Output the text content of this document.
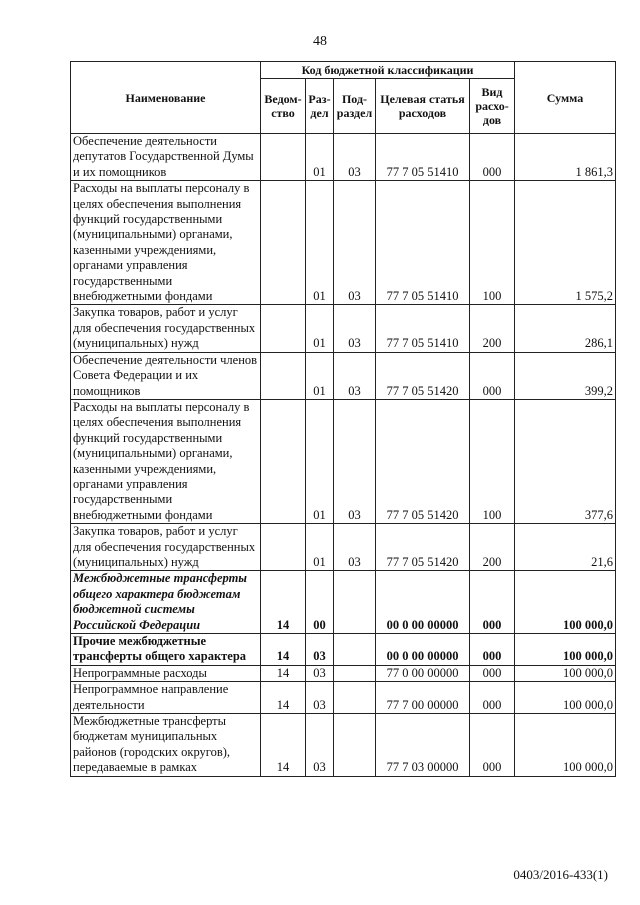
48
Наименование	Код бюджетной классификации					Сумма
	Ведом-ство	Раз-дел	Под-раздел	Целевая статья расходов	Вид расхо-дов	
Обеспечение деятельности депутатов Государственной Думы и их помощников		01	03	77 7 05 51410	000	1 861,3
Расходы на выплаты персоналу в целях обеспечения выполнения функций государственными (муниципальными) органами, казенными учреждениями, органами управления государственными внебюджетными фондами		01	03	77 7 05 51410	100	1 575,2
Закупка товаров, работ и услуг для обеспечения государственных (муниципальных) нужд		01	03	77 7 05 51410	200	286,1
Обеспечение деятельности членов Совета Федерации и их помощников		01	03	77 7 05 51420	000	399,2
Расходы на выплаты персоналу в целях обеспечения выполнения функций государственными (муниципальными) органами, казенными учреждениями, органами управления государственными внебюджетными фондами		01	03	77 7 05 51420	100	377,6
Закупка товаров, работ и услуг для обеспечения государственных (муниципальных) нужд		01	03	77 7 05 51420	200	21,6
Межбюджетные трансферты общего характера бюджетам бюджетной системы Российской Федерации	14	00		00 0 00 00000	000	100 000,0
Прочие межбюджетные трансферты общего характера	14	03		00 0 00 00000	000	100 000,0
Непрограммные расходы	14	03		77 0 00 00000	000	100 000,0
Непрограммное направление деятельности	14	03		77 7 00 00000	000	100 000,0
Межбюджетные трансферты бюджетам муниципальных районов (городских округов), передаваемые в рамках	14	03		77 7 03 00000	000	100 000,0
0403/2016-433(1)
